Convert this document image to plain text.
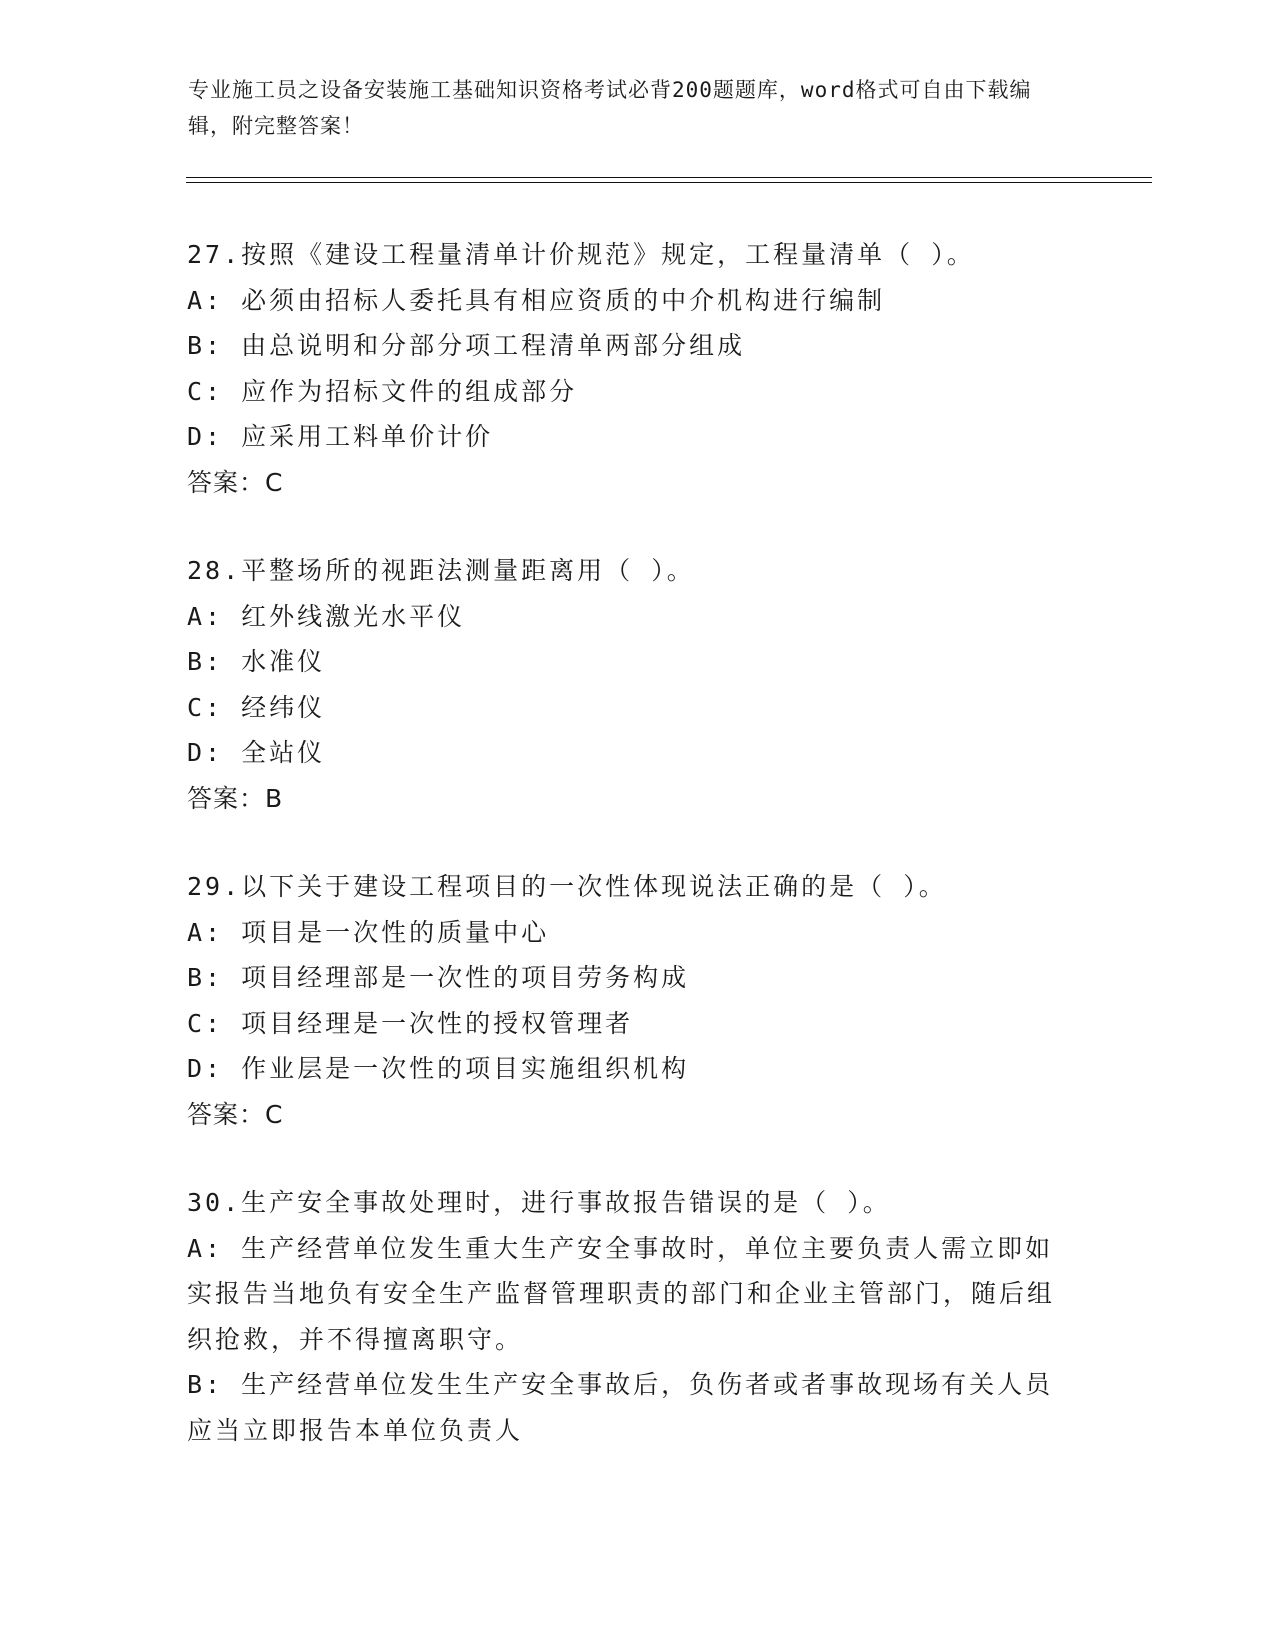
专业施工员之设备安装施工基础知识资格考试必背200题题库，word格式可自由下载编辑，附完整答案！
27.按照《建设工程量清单计价规范》规定，工程量清单（ ）。
A: 必须由招标人委托具有相应资质的中介机构进行编制
B: 由总说明和分部分项工程清单两部分组成
C: 应作为招标文件的组成部分
D: 应采用工料单价计价
答案：C
28.平整场所的视距法测量距离用（ ）。
A: 红外线激光水平仪
B: 水准仪
C: 经纬仪
D: 全站仪
答案：B
29.以下关于建设工程项目的一次性体现说法正确的是（ ）。
A: 项目是一次性的质量中心
B: 项目经理部是一次性的项目劳务构成
C: 项目经理是一次性的授权管理者
D: 作业层是一次性的项目实施组织机构
答案：C
30.生产安全事故处理时，进行事故报告错误的是（ ）。
A: 生产经营单位发生重大生产安全事故时，单位主要负责人需立即如实报告当地负有安全生产监督管理职责的部门和企业主管部门，随后组织抢救，并不得擅离职守。
B: 生产经营单位发生生产安全事故后，负伤者或者事故现场有关人员应当立即报告本单位负责人
